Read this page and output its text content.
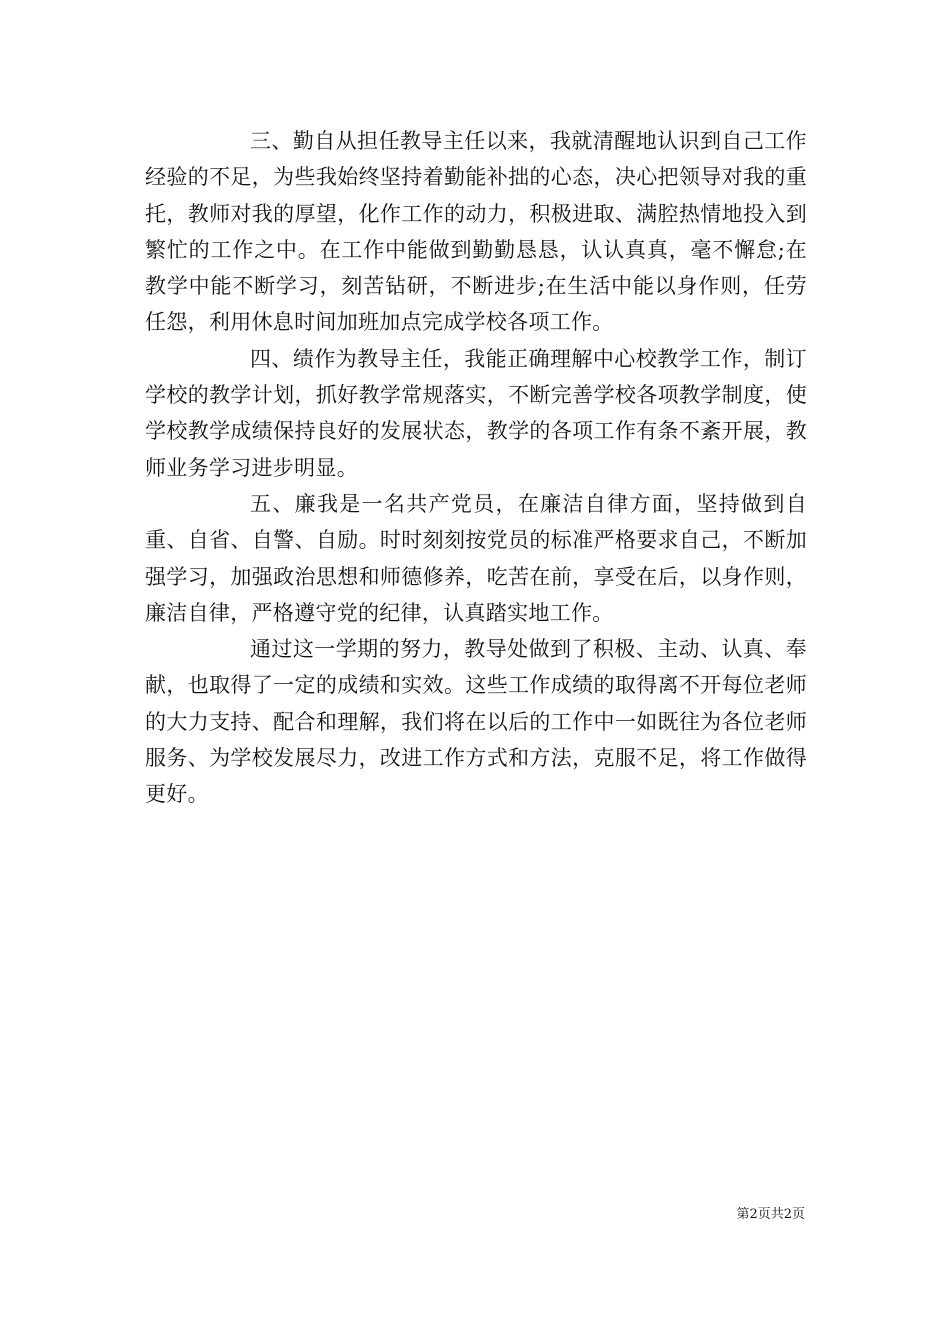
三、勤自从担任教导主任以来，我就清醒地认识到自己工作经验的不足，为些我始终坚持着勤能补拙的心态，决心把领导对我的重托，教师对我的厚望，化作工作的动力，积极进取、满腔热情地投入到繁忙的工作之中。在工作中能做到勤勤恳恳，认认真真，毫不懈怠;在教学中能不断学习，刻苦钻研，不断进步;在生活中能以身作则，任劳任怨，利用休息时间加班加点完成学校各项工作。

四、绩作为教导主任，我能正确理解中心校教学工作，制订学校的教学计划，抓好教学常规落实，不断完善学校各项教学制度，使学校教学成绩保持良好的发展状态，教学的各项工作有条不紊开展，教师业务学习进步明显。

五、廉我是一名共产党员，在廉洁自律方面，坚持做到自重、自省、自警、自励。时时刻刻按党员的标准严格要求自己，不断加强学习，加强政治思想和师德修养，吃苦在前，享受在后，以身作则，廉洁自律，严格遵守党的纪律，认真踏实地工作。

通过这一学期的努力，教导处做到了积极、主动、认真、奉献，也取得了一定的成绩和实效。这些工作成绩的取得离不开每位老师的大力支持、配合和理解，我们将在以后的工作中一如既往为各位老师服务、为学校发展尽力，改进工作方式和方法，克服不足，将工作做得更好。

第2页共2页
